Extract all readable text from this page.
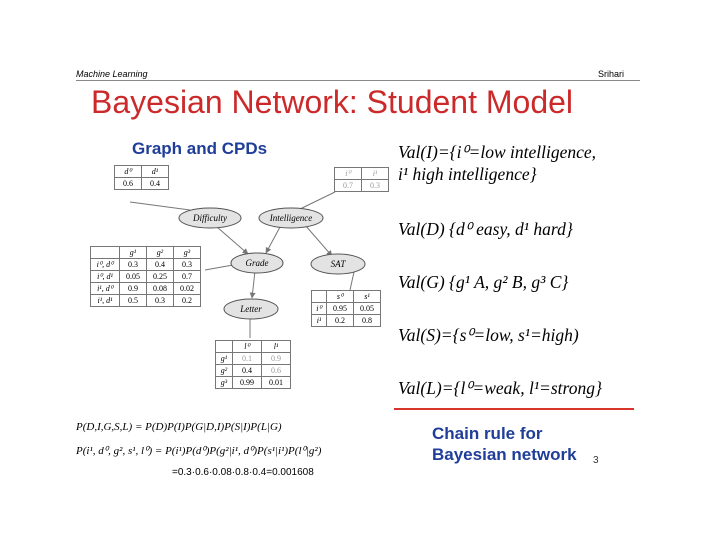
Machine Learning	Srihari
Bayesian Network: Student Model
Graph and CPDs
Difficulty	Intelligence
Grade	SAT
Letter
d⁰	d¹
0.6	0.4
i⁰	i¹
0.7	0.3
	g¹	g²	g³
i⁰, d⁰	0.3	0.4	0.3
i⁰, d¹	0.05	0.25	0.7
i¹, d⁰	0.9	0.08	0.02
i¹, d¹	0.5	0.3	0.2
		s⁰	s¹
i⁰	0.95	0.05
i¹	0.2	0.8
	l⁰	l¹
g¹	0.1	0.9
g²	0.4	0.6
g³	0.99	0.01
Val(I)={i⁰=low intelligence,
i¹ high intelligence}
Val(D) {d⁰ easy, d¹ hard}
Val(G) {g¹ A, g² B, g³ C}
Val(S)={s⁰=low, s¹=high)
Val(L)={l⁰=weak, l¹=strong}
Chain rule for
Bayesian network 3
P(D,I,G,S,L) = P(D)P(I)P(G|D,I)P(S|I)P(L|G)
P(i¹, d⁰, g², s¹, l⁰) = P(i¹)P(d⁰)P(g²|i¹, d⁰)P(s¹|i¹)P(l⁰|g²)
=0.3·0.6·0.08·0.8·0.4=0.001608
